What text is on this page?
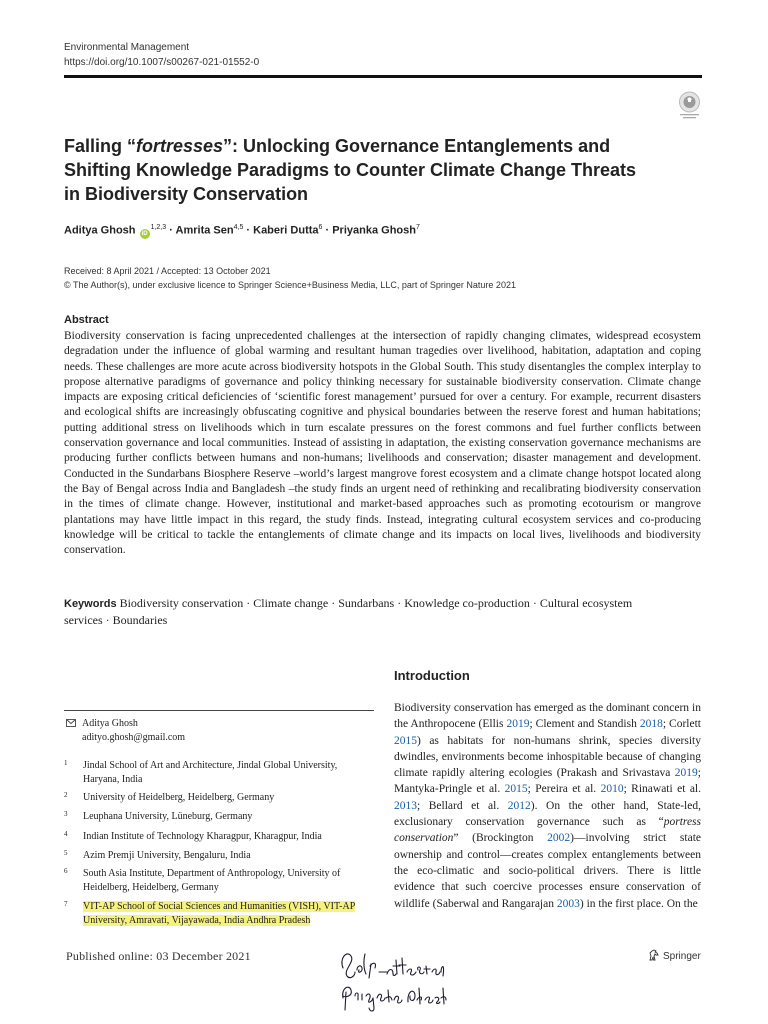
Environmental Management
https://doi.org/10.1007/s00267-021-01552-0
Falling “fortresses”: Unlocking Governance Entanglements and Shifting Knowledge Paradigms to Counter Climate Change Threats in Biodiversity Conservation
Aditya Ghosh iD$^{1,2,3}$ · Amrita Sen$^{4,5}$ · Kaberi Dutta$^6$ · Priyanka Ghosh$^7$
Received: 8 April 2021 / Accepted: 13 October 2021
© The Author(s), under exclusive licence to Springer Science+Business Media, LLC, part of Springer Nature 2021
Abstract

Biodiversity conservation is facing unprecedented challenges at the intersection of rapidly changing climates, widespread ecosystem degradation under the influence of global warming and resultant human tragedies over livelihood, habitation, adaptation and coping needs. These challenges are more acute across biodiversity hotspots in the Global South. This study disentangles the complex interplay to propose alternative paradigms of governance and policy thinking necessary for sustainable biodiversity conservation. Climate change impacts are exposing critical deficiencies of ‘scientific forest management’ pursued for over a century. For example, recurrent disasters and ecological shifts are increasingly obfuscating cognitive and physical boundaries between the reserve forest and human habitations; putting additional stress on livelihoods which in turn escalate pressures on the forest commons and fuel further conflicts between conservation governance and local communities. Instead of assisting in adaptation, the existing conservation governance mechanisms are producing further conflicts between humans and non-humans; livelihoods and conservation; disaster management and development. Conducted in the Sundarbans Biosphere Reserve –world’s largest mangrove forest ecosystem and a climate change hotspot located along the Bay of Bengal across India and Bangladesh –the study finds an urgent need of rethinking and recalibrating biodiversity conservation in the times of climate change. However, institutional and market-based approaches such as promoting ecotourism or mangrove plantations may have little impact in this regard, the study finds. Instead, integrating cultural ecosystem services and co-producing knowledge will be critical to tackle the entanglements of climate change and its impacts on local lives, livelihoods and biodiversity conservation.

Keywords Biodiversity conservation · Climate change · Sundarbans · Knowledge co-production · Cultural ecosystem services · Boundaries
Introduction

Biodiversity conservation has emerged as the dominant concern in the Anthropocene (Ellis 2019; Clement and Standish 2018; Corlett 2015) as habitats for non-humans shrink, species diversity dwindles, environments become inhospitable because of changing climate rapidly altering ecologies (Prakash and Srivastava 2019; Mantyka-Pringle et al. 2015; Pereira et al. 2010; Rinawati et al. 2013; Bellard et al. 2012). On the other hand, State-led, exclusionary conservation governance such as “portress conservation” (Brockington 2002)—involving strict state ownership and control—creates complex entanglements between the eco-climatic and socio-political drivers. There is little evidence that such coercive processes ensure conservation of wildlife (Saberwal and Rangarajan 2003) in the first place. On the

Aditya Ghosh
adityo.ghosh@gmail.com
1 Jindal School of Art and Architecture, Jindal Global University, Haryana, India
2 University of Heidelberg, Heidelberg, Germany
3 Leuphana University, Lüneburg, Germany
4 Indian Institute of Technology Kharagpur, Kharagpur, India
5 Azim Premji University, Bengaluru, India
6 South Asia Institute, Department of Anthropology, University of Heidelberg, Heidelberg, Germany
7 VIT-AP School of Social Sciences and Humanities (VISH), VIT-AP University, Amravati, Vijayawada, India Andhra Pradesh
Published online: 03 December 2021	Springer
